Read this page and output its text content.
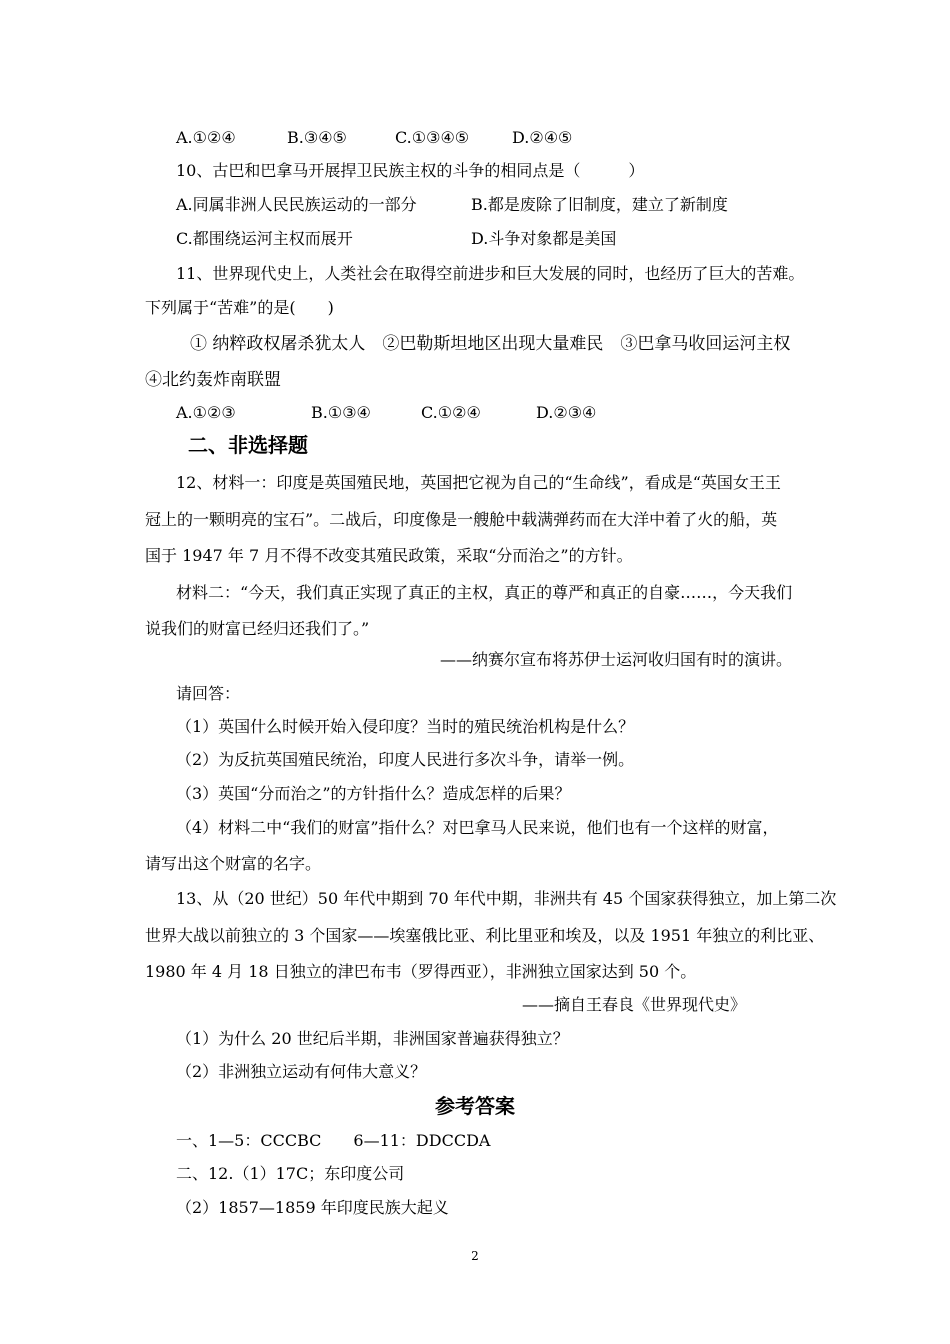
A.①②④	B.③④⑤	C.①③④⑤	D.②④⑤
10、古巴和巴拿马开展捍卫民族主权的斗争的相同点是（　　　）
A.同属非洲人民民族运动的一部分	B.都是废除了旧制度，建立了新制度
C.都围绕运河主权而展开	D.斗争对象都是美国
11、世界现代史上，人类社会在取得空前进步和巨大发展的同时，也经历了巨大的苦难。
下列属于“苦难”的是(　　)
① 纳粹政权屠杀犹太人　②巴勒斯坦地区出现大量难民　③巴拿马收回运河主权
④北约轰炸南联盟
A.①②③	B.①③④	C.①②④	D.②③④
二、非选择题
12、材料一：印度是英国殖民地，英国把它视为自己的“生命线”，看成是“英国女王王
冠上的一颗明亮的宝石”。二战后，印度像是一艘舱中载满弹药而在大洋中着了火的船，英
国于 1947 年 7 月不得不改变其殖民政策，采取“分而治之”的方针。
材料二：“今天，我们真正实现了真正的主权，真正的尊严和真正的自豪……，今天我们
说我们的财富已经归还我们了。”
——纳赛尔宣布将苏伊士运河收归国有时的演讲。
请回答：
（1）英国什么时候开始入侵印度？当时的殖民统治机构是什么？
（2）为反抗英国殖民统治，印度人民进行多次斗争，请举一例。
（3）英国“分而治之”的方针指什么？造成怎样的后果？
（4）材料二中“我们的财富”指什么？对巴拿马人民来说，他们也有一个这样的财富，
请写出这个财富的名字。
13、从（20 世纪）50 年代中期到 70 年代中期，非洲共有 45 个国家获得独立，加上第二次
世界大战以前独立的 3 个国家——埃塞俄比亚、利比里亚和埃及，以及 1951 年独立的利比亚、
1980 年 4 月 18 日独立的津巴布韦（罗得西亚），非洲独立国家达到 50 个。
——摘自王春良《世界现代史》
（1）为什么 20 世纪后半期，非洲国家普遍获得独立？
（2）非洲独立运动有何伟大意义？
参考答案
一、1—5：CCCBC　　6—11：DDCCDA
二、12.（1）17C；东印度公司
（2）1857—1859 年印度民族大起义
2
